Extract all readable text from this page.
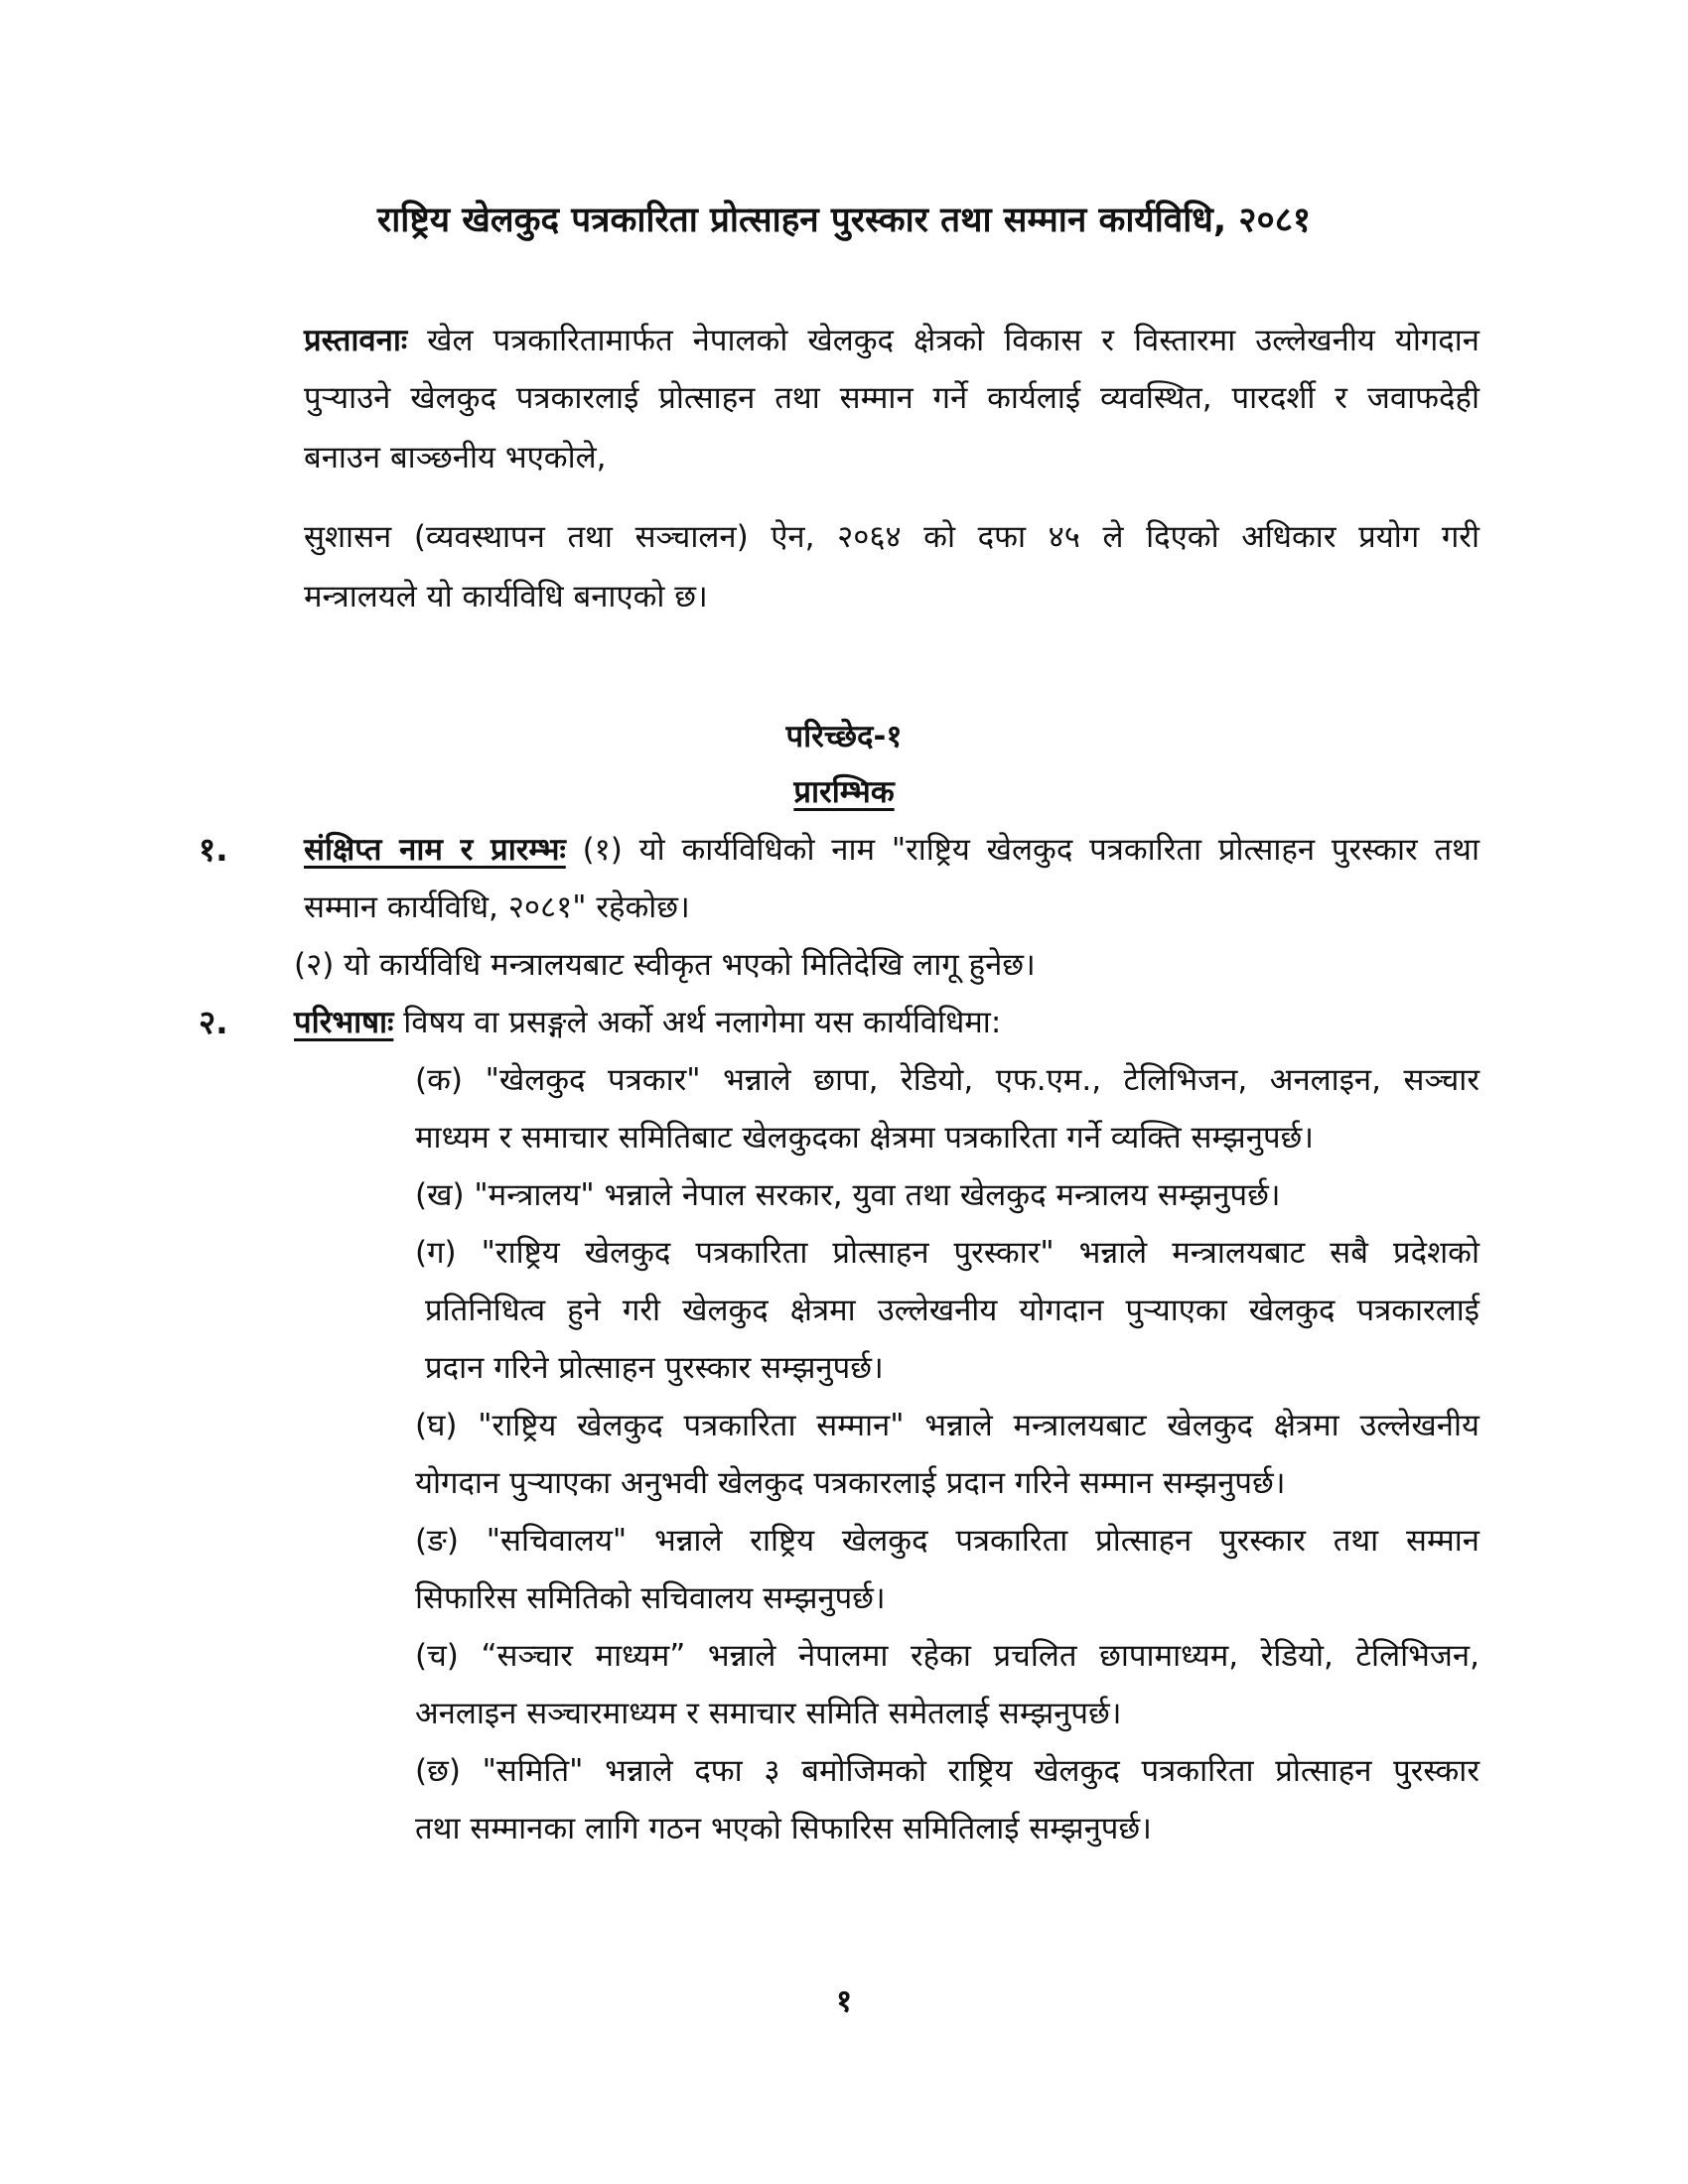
राष्ट्रिय खेलकुद पत्रकारिता प्रोत्साहन पुरस्कार तथा सम्मान कार्यविधि, २०८१
प्रस्तावनाः खेल पत्रकारितामार्फत नेपालको खेलकुद क्षेत्रको विकास र विस्तारमा उल्लेखनीय योगदान
पुऱ्याउने खेलकुद पत्रकारलाई प्रोत्साहन तथा सम्मान गर्ने कार्यलाई व्यवस्थित, पारदर्शी र जवाफदेही
बनाउन बाञ्छनीय भएकोले,
सुशासन (व्यवस्थापन तथा सञ्चालन) ऐन, २०६४ को दफा ४५ ले दिएको अधिकार प्रयोग गरी
मन्त्रालयले यो कार्यविधि बनाएको छ।
परिच्छेद-१
प्रारम्भिक
१. संक्षिप्त नाम र प्रारम्भः (१) यो कार्यविधिको नाम "राष्ट्रिय खेलकुद पत्रकारिता प्रोत्साहन पुरस्कार तथा
सम्मान कार्यविधि, २०८१" रहेकोछ।
(२) यो कार्यविधि मन्त्रालयबाट स्वीकृत भएको मितिदेखि लागू हुनेछ।
२. परिभाषाः विषय वा प्रसङ्गले अर्को अर्थ नलागेमा यस कार्यविधिमा:
(क) "खेलकुद पत्रकार" भन्नाले छापा, रेडियो, एफ.एम., टेलिभिजन, अनलाइन, सञ्चार
माध्यम र समाचार समितिबाट खेलकुदका क्षेत्रमा पत्रकारिता गर्ने व्यक्ति सम्झनुपर्छ।
(ख) "मन्त्रालय" भन्नाले नेपाल सरकार, युवा तथा खेलकुद मन्त्रालय सम्झनुपर्छ।
(ग) "राष्ट्रिय खेलकुद पत्रकारिता प्रोत्साहन पुरस्कार" भन्नाले मन्त्रालयबाट सबै प्रदेशको
प्रतिनिधित्व हुने गरी खेलकुद क्षेत्रमा उल्लेखनीय योगदान पुऱ्याएका खेलकुद पत्रकारलाई
प्रदान गरिने प्रोत्साहन पुरस्कार सम्झनुपर्छ।
(घ) "राष्ट्रिय खेलकुद पत्रकारिता सम्मान" भन्नाले मन्त्रालयबाट खेलकुद क्षेत्रमा उल्लेखनीय
योगदान पुऱ्याएका अनुभवी खेलकुद पत्रकारलाई प्रदान गरिने सम्मान सम्झनुपर्छ।
(ङ) "सचिवालय" भन्नाले राष्ट्रिय खेलकुद पत्रकारिता प्रोत्साहन पुरस्कार तथा सम्मान
सिफारिस समितिको सचिवालय सम्झनुपर्छ।
(च) “सञ्चार माध्यम” भन्नाले नेपालमा रहेका प्रचलित छापामाध्यम, रेडियो, टेलिभिजन,
अनलाइन सञ्चारमाध्यम र समाचार समिति समेतलाई सम्झनुपर्छ।
(छ) "समिति" भन्नाले दफा ३ बमोजिमको राष्ट्रिय खेलकुद पत्रकारिता प्रोत्साहन पुरस्कार
तथा सम्मानका लागि गठन भएको सिफारिस समितिलाई सम्झनुपर्छ।
१
